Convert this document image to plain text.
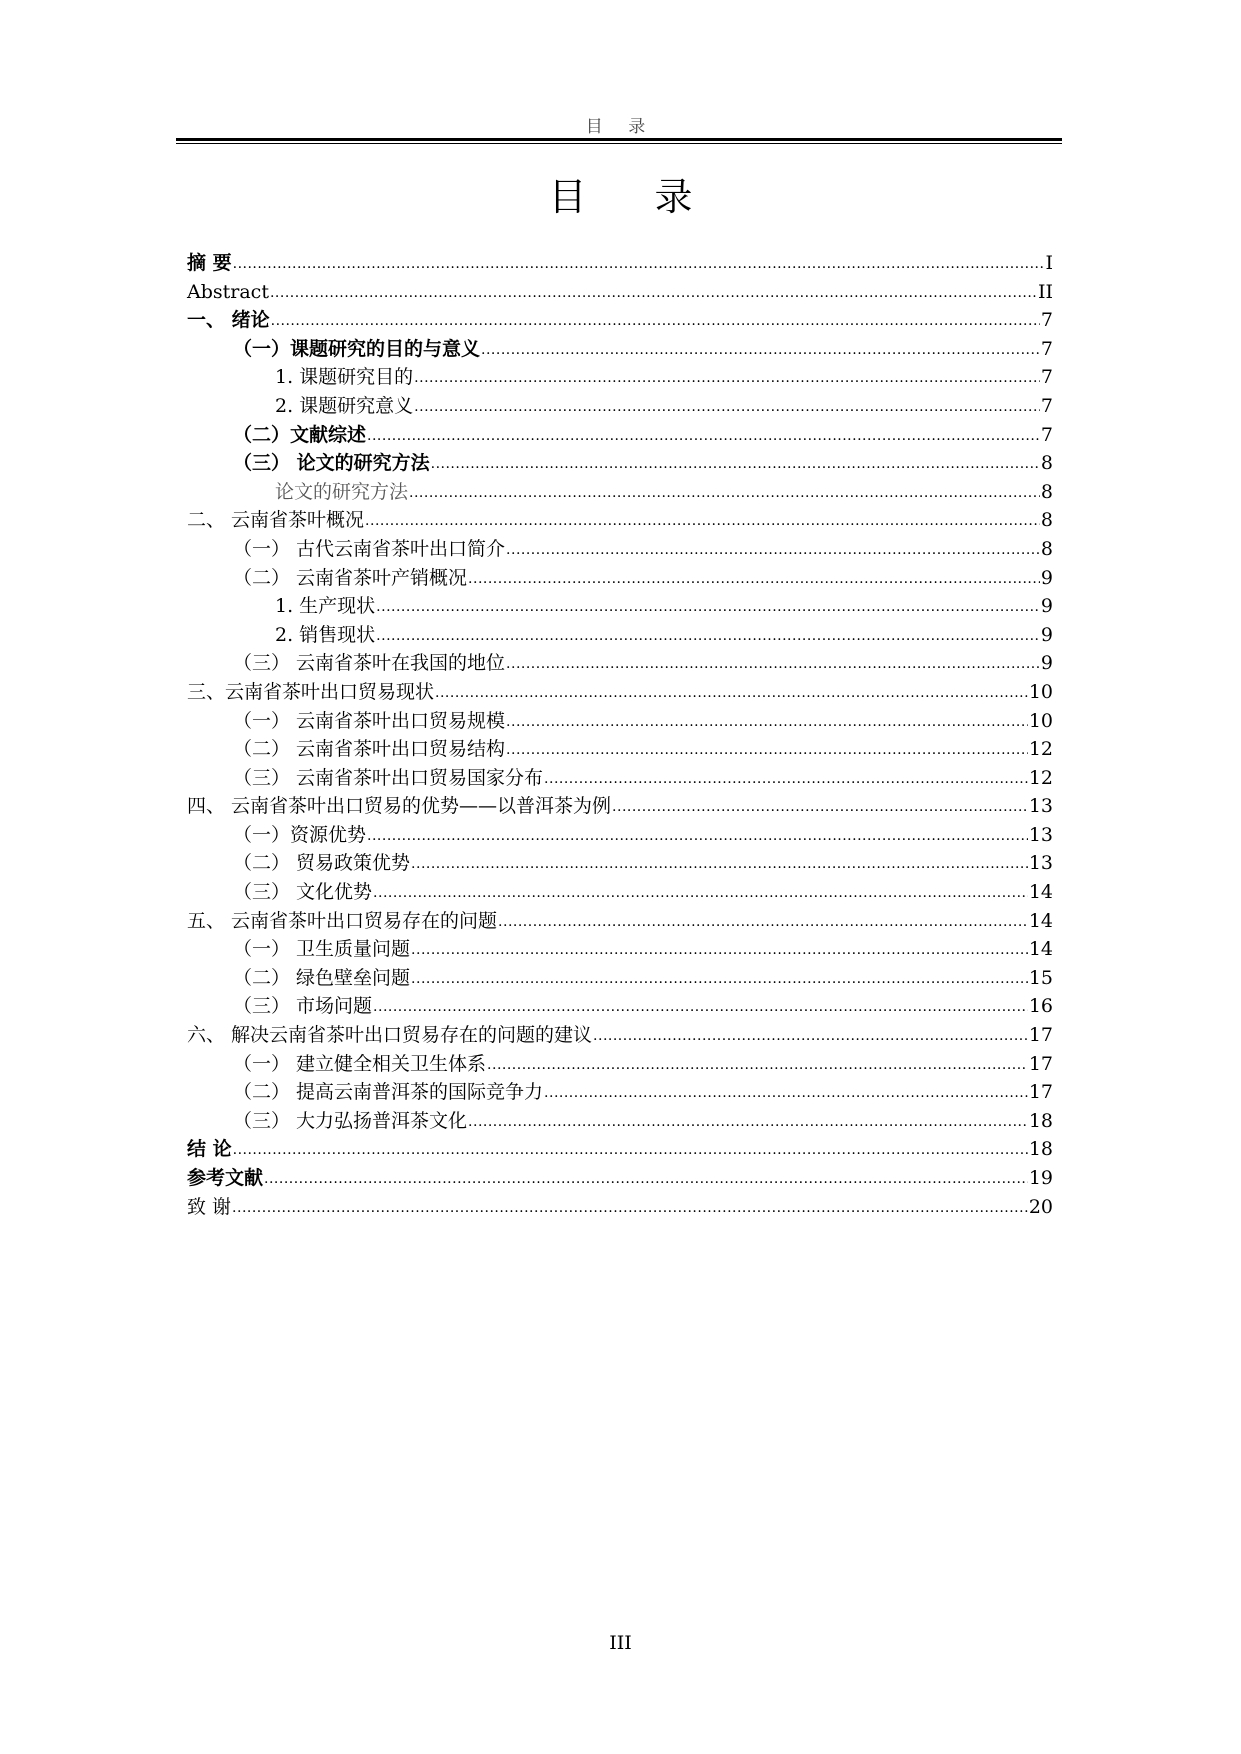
目 录
目 录
摘 要 .....	I
Abstract .....	II
一、 绪论 .....	7
（一）课题研究的目的与意义 .....	7
1. 课题研究目的 .....	7
2. 课题研究意义 .....	7
（二）文献综述 .....	7
（三） 论文的研究方法 .....	8
论文的研究方法 .....	8
二、 云南省茶叶概况 .....	8
（一） 古代云南省茶叶出口简介 .....	8
（二） 云南省茶叶产销概况 .....	9
1. 生产现状 .....	9
2. 销售现状 .....	9
（三） 云南省茶叶在我国的地位 .....	9
三、云南省茶叶出口贸易现状 .....	10
（一） 云南省茶叶出口贸易规模 .....	10
（二） 云南省茶叶出口贸易结构 .....	12
（三） 云南省茶叶出口贸易国家分布 .....	12
四、 云南省茶叶出口贸易的优势——以普洱茶为例 .....	13
（一）资源优势 .....	13
（二） 贸易政策优势 .....	13
（三） 文化优势 .....	14
五、 云南省茶叶出口贸易存在的问题 .....	14
（一） 卫生质量问题 .....	14
（二） 绿色壁垒问题 .....	15
（三） 市场问题 .....	16
六、 解决云南省茶叶出口贸易存在的问题的建议 .....	17
（一） 建立健全相关卫生体系 .....	17
（二） 提高云南普洱茶的国际竞争力 .....	17
（三） 大力弘扬普洱茶文化 .....	18
结 论 .....	18
参考文献 .....	19
致 谢 .....	20
III
